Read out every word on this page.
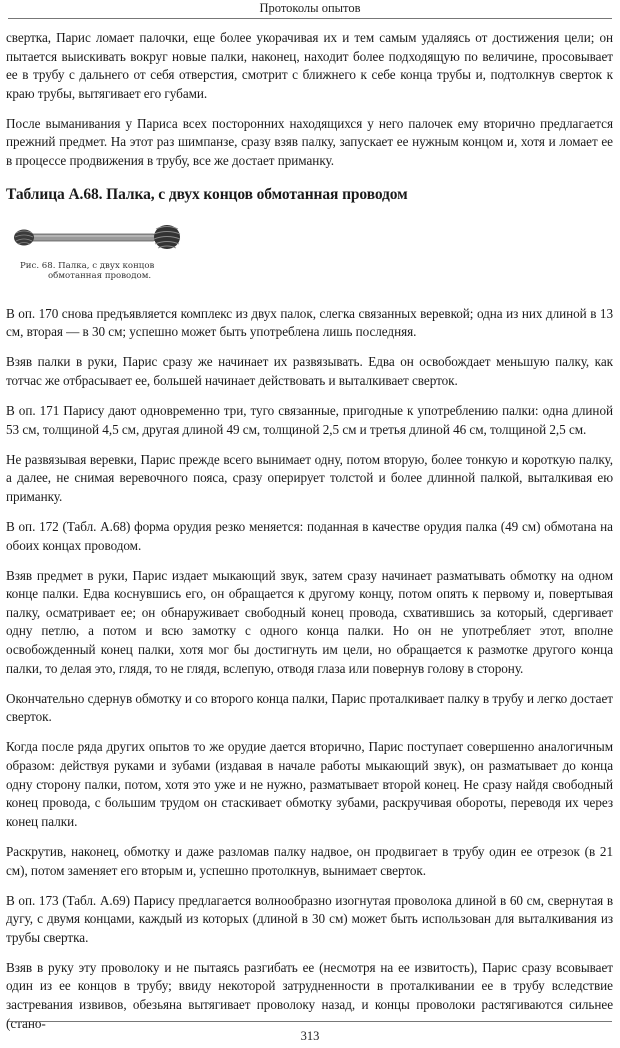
Протоколы опытов

свертка, Парис ломает палочки, еще более укорачивая их и тем самым удаляясь от достижения цели; он пытается выискивать вокруг новые палки, наконец, находит более подходящую по величине, просовывает ее в трубу с дальнего от себя отверстия, смотрит с ближнего к себе конца трубы и, подтолкнув сверток к краю трубы, вытягивает его губами.

После выманивания у Париса всех посторонних находящихся у него палочек ему вторично предлагается прежний предмет. На этот раз шимпанзе, сразу взяв палку, запускает ее нужным концом и, хотя и ломает ее в процессе продвижения в трубу, все же достает приманку.

Таблица А.68. Палка, с двух концов обмотанная проводом
Рис. 68. Палка, с двух концов
обмотанная проводом.

В оп. 170 снова предъявляется комплекс из двух палок, слегка связанных веревкой; одна из них длиной в 13 см, вторая — в 30 см; успешно может быть употреблена лишь последняя.

Взяв палки в руки, Парис сразу же начинает их развязывать. Едва он освобождает меньшую палку, как тотчас же отбрасывает ее, большей начинает действовать и выталкивает сверток.

В оп. 171 Парису дают одновременно три, туго связанные, пригодные к употреблению палки: одна длиной 53 см, толщиной 4,5 см, другая длиной 49 см, толщиной 2,5 см и третья длиной 46 см, толщиной 2,5 см.

Не развязывая веревки, Парис прежде всего вынимает одну, потом вторую, более тонкую и короткую палку, а далее, не снимая веревочного пояса, сразу оперирует толстой и более длинной палкой, выталкивая ею приманку.

В оп. 172 (Табл. А.68) форма орудия резко меняется: поданная в качестве орудия палка (49 см) обмотана на обоих концах проводом.

Взяв предмет в руки, Парис издает мыкающий звук, затем сразу начинает разматывать обмотку на одном конце палки. Едва коснувшись его, он обращается к другому концу, потом опять к первому и, повертывая палку, осматривает ее; он обнаруживает свободный конец провода, схватившись за который, сдергивает одну петлю, а потом и всю замотку с одного конца палки. Но он не употребляет этот, вполне освобожденный конец палки, хотя мог бы достигнуть им цели, но обращается к размотке другого конца палки, то делая это, глядя, то не глядя, вслепую, отводя глаза или повернув голову в сторону.

Окончательно сдернув обмотку и со второго конца палки, Парис проталкивает палку в трубу и легко достает сверток.

Когда после ряда других опытов то же орудие дается вторично, Парис поступает совершенно аналогичным образом: действуя руками и зубами (издавая в начале работы мыкающий звук), он разматывает до конца одну сторону палки, потом, хотя это уже и не нужно, разматывает второй конец. Не сразу найдя свободный конец провода, с большим трудом он стаскивает обмотку зубами, раскручивая обороты, переводя их через конец палки.

Раскрутив, наконец, обмотку и даже разломав палку надвое, он продвигает в трубу один ее отрезок (в 21 см), потом заменяет его вторым и, успешно протолкнув, вынимает сверток.

В оп. 173 (Табл. А.69) Парису предлагается волнообразно изогнутая проволока длиной в 60 см, свернутая в дугу, с двумя концами, каждый из которых (длиной в 30 см) может быть использован для выталкивания из трубы свертка.

Взяв в руку эту проволоку и не пытаясь разгибать ее (несмотря на ее извитость), Парис сразу всовывает один из ее концов в трубу; ввиду некоторой затрудненности в проталкивании ее в трубу вследствие застревания извивов, обезьяна вытягивает проволоку назад, и концы проволоки растягиваются сильнее (стано-

313
